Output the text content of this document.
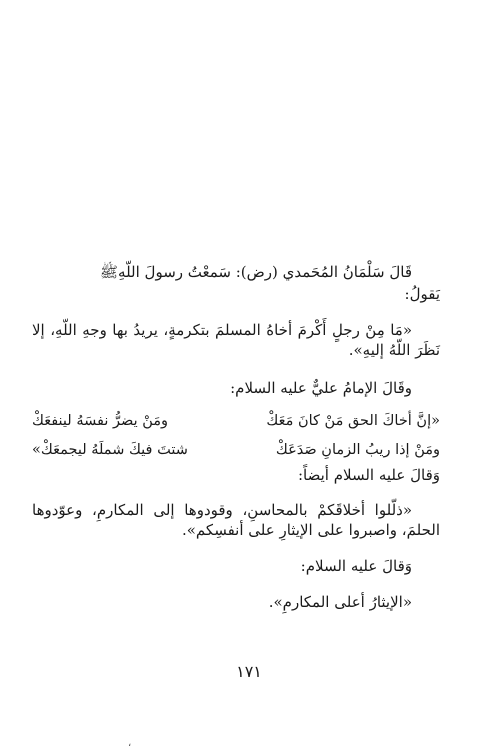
قَالَ سَلْمَانُ المُحَمدي (رض): سَمعْتُ رسولَ اللّهِﷺ
يَقولُ:
«مَا مِنْ رجلٍ أَكْرمَ أخاهُ المسلمَ بتكرمةٍ، يريدُ بها وجهِ اللّهِ، إلا نَظَرَ اللّهُ إليهِ».
وقَالَ الإمامُ عليٌّ عليه السلام:
«إنَّ أخاكَ الحق مَنْ كانَ مَعَكْ
ومَنْ يضرُّ نفسَهُ لينفعَكْ
ومَنْ إذا ريبُ الزمانِ صَدَعَكْ
شتتَ فيكَ شملَهُ ليجمعَكْ»
وَقالَ عليه السلام أيضاً:
«ذلّلوا أخلاقَكمْ بالمحاسنِ، وقودوها إلى المكارمِ، وعوّدوها الحلمَ، واصبروا على الإيثارِ على أنفسِكم».
وَقالَ عليه السلام:
«الإيثارُ أعلى المكارمِ».
١٧١
،
